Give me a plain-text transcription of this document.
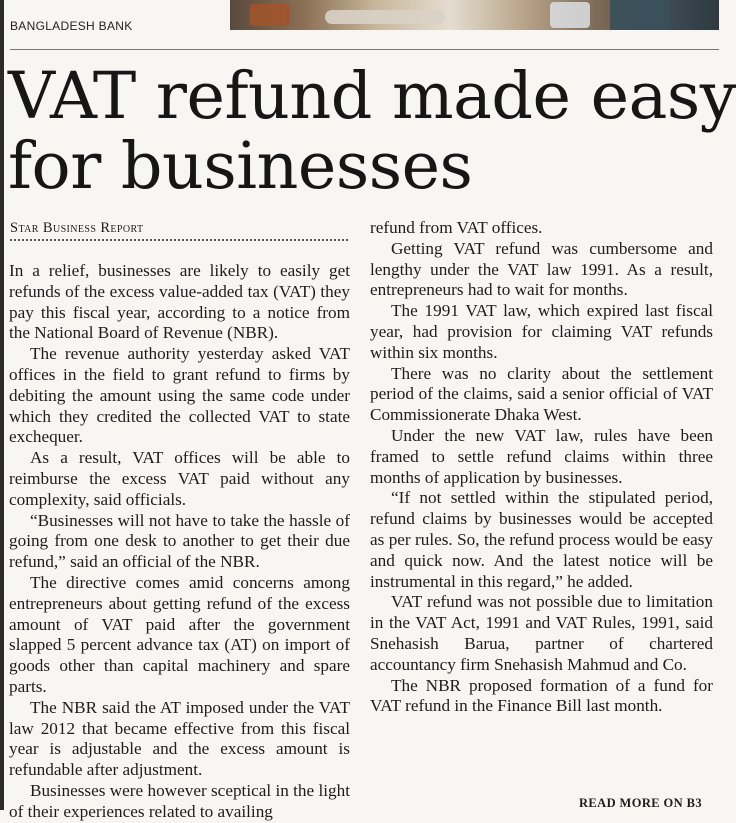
BANGLADESH BANK
VAT refund made easy
for businesses
Star Business Report

In a relief, businesses are likely to easily get refunds of the excess value-added tax (VAT) they pay this fiscal year, according to a notice from the National Board of Revenue (NBR).

The revenue authority yesterday asked VAT offices in the field to grant refund to firms by debiting the amount using the same code under which they credited the collected VAT to state exchequer.

As a result, VAT offices will be able to reimburse the excess VAT paid without any complexity, said officials.

“Businesses will not have to take the hassle of going from one desk to another to get their due refund,” said an official of the NBR.

The directive comes amid concerns among entrepreneurs about getting refund of the excess amount of VAT paid after the government slapped 5 percent advance tax (AT) on import of goods other than capital machinery and spare parts.

The NBR said the AT imposed under the VAT law 2012 that became effective from this fiscal year is adjustable and the excess amount is refundable after adjustment.

Businesses were however sceptical in the light of their experiences related to availing

refund from VAT offices.

Getting VAT refund was cumbersome and lengthy under the VAT law 1991. As a result, entrepreneurs had to wait for months.

The 1991 VAT law, which expired last fiscal year, had provision for claiming VAT refunds within six months.

There was no clarity about the settlement period of the claims, said a senior official of VAT Commissionerate Dhaka West.

Under the new VAT law, rules have been framed to settle refund claims within three months of application by businesses.

“If not settled within the stipulated period, refund claims by businesses would be accepted as per rules. So, the refund process would be easy and quick now. And the latest notice will be instrumental in this regard,” he added.

VAT refund was not possible due to limitation in the VAT Act, 1991 and VAT Rules, 1991, said Snehasish Barua, partner of chartered accountancy firm Snehasish Mahmud and Co.

The NBR proposed formation of a fund for VAT refund in the Finance Bill last month.

READ MORE ON B3
